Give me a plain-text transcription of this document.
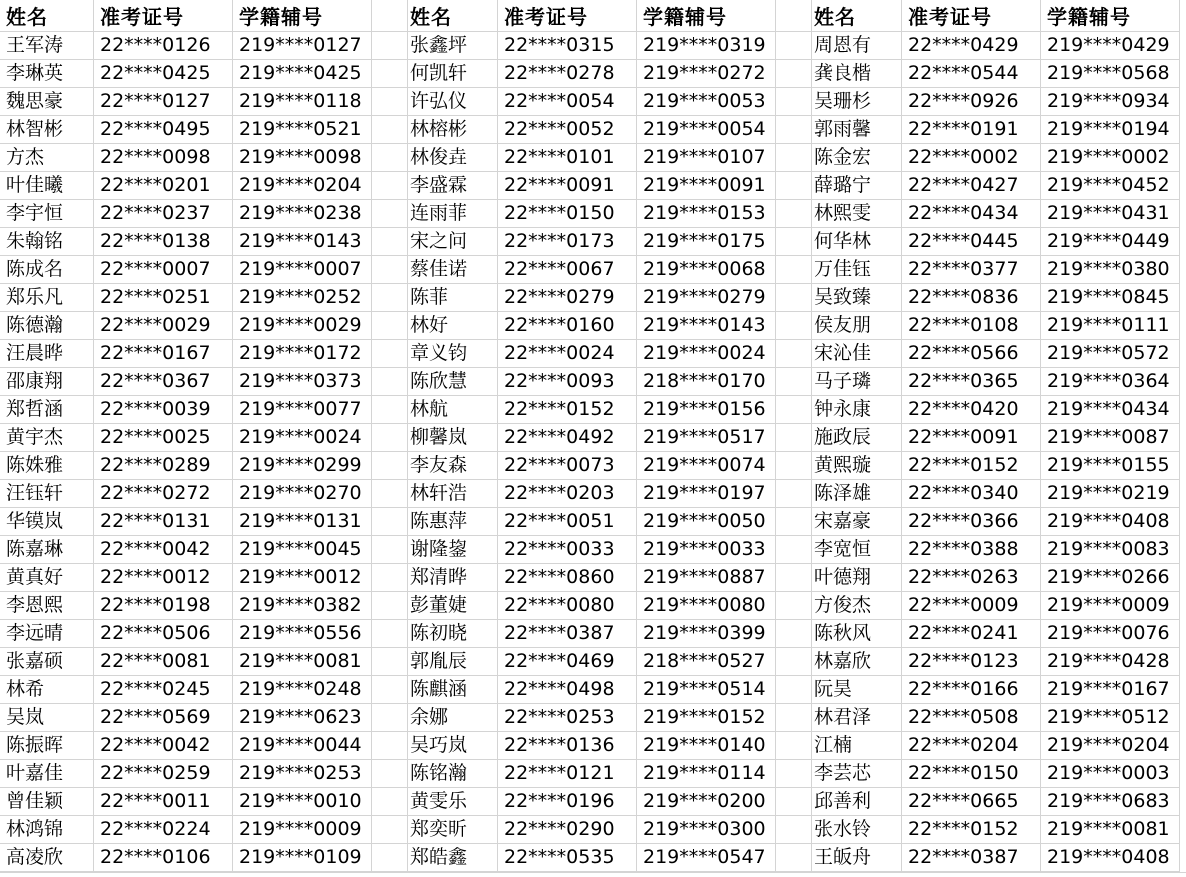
姓名	准考证号	学籍辅号
王军涛	22****0126	219****0127
李琳英	22****0425	219****0425
魏思豪	22****0127	219****0118
林智彬	22****0495	219****0521
方杰	22****0098	219****0098
叶佳曦	22****0201	219****0204
李宇恒	22****0237	219****0238
朱翰铭	22****0138	219****0143
陈成名	22****0007	219****0007
郑乐凡	22****0251	219****0252
陈德瀚	22****0029	219****0029
汪晨晔	22****0167	219****0172
邵康翔	22****0367	219****0373
郑哲涵	22****0039	219****0077
黄宇杰	22****0025	219****0024
陈姝雅	22****0289	219****0299
汪钰轩	22****0272	219****0270
华镆岚	22****0131	219****0131
陈嘉琳	22****0042	219****0045
黄真好	22****0012	219****0012
李恩熙	22****0198	219****0382
李远晴	22****0506	219****0556
张嘉硕	22****0081	219****0081
林希	22****0245	219****0248
吴岚	22****0569	219****0623
陈振晖	22****0042	219****0044
叶嘉佳	22****0259	219****0253
曾佳颖	22****0011	219****0010
林鸿锦	22****0224	219****0009
高凌欣	22****0106	219****0109
姓名	准考证号	学籍辅号
张鑫坪	22****0315	219****0319
何凯轩	22****0278	219****0272
许弘仪	22****0054	219****0053
林榕彬	22****0052	219****0054
林俊垚	22****0101	219****0107
李盛霖	22****0091	219****0091
连雨菲	22****0150	219****0153
宋之问	22****0173	219****0175
蔡佳诺	22****0067	219****0068
陈菲	22****0279	219****0279
林好	22****0160	219****0143
章义钧	22****0024	219****0024
陈欣慧	22****0093	218****0170
林航	22****0152	219****0156
柳馨岚	22****0492	219****0517
李友森	22****0073	219****0074
林轩浩	22****0203	219****0197
陈惠萍	22****0051	219****0050
谢隆鋆	22****0033	219****0033
郑清晔	22****0860	219****0887
彭董婕	22****0080	219****0080
陈初晓	22****0387	219****0399
郭胤辰	22****0469	218****0527
陈麒涵	22****0498	219****0514
余娜	22****0253	219****0152
吴巧岚	22****0136	219****0140
陈铭瀚	22****0121	219****0114
黄雯乐	22****0196	219****0200
郑奕昕	22****0290	219****0300
郑皓鑫	22****0535	219****0547
姓名	准考证号	学籍辅号
周恩有	22****0429	219****0429
龚良楷	22****0544	219****0568
吴珊杉	22****0926	219****0934
郭雨馨	22****0191	219****0194
陈金宏	22****0002	219****0002
薛璐宁	22****0427	219****0452
林熙雯	22****0434	219****0431
何华林	22****0445	219****0449
万佳钰	22****0377	219****0380
吴致臻	22****0836	219****0845
侯友朋	22****0108	219****0111
宋沁佳	22****0566	219****0572
马子璘	22****0365	219****0364
钟永康	22****0420	219****0434
施政辰	22****0091	219****0087
黄熙璇	22****0152	219****0155
陈泽雄	22****0340	219****0219
宋嘉豪	22****0366	219****0408
李宽恒	22****0388	219****0083
叶德翔	22****0263	219****0266
方俊杰	22****0009	219****0009
陈秋风	22****0241	219****0076
林嘉欣	22****0123	219****0428
阮昊	22****0166	219****0167
林君泽	22****0508	219****0512
江楠	22****0204	219****0204
李芸芯	22****0150	219****0003
邱善利	22****0665	219****0683
张水铃	22****0152	219****0081
王皈舟	22****0387	219****0408
